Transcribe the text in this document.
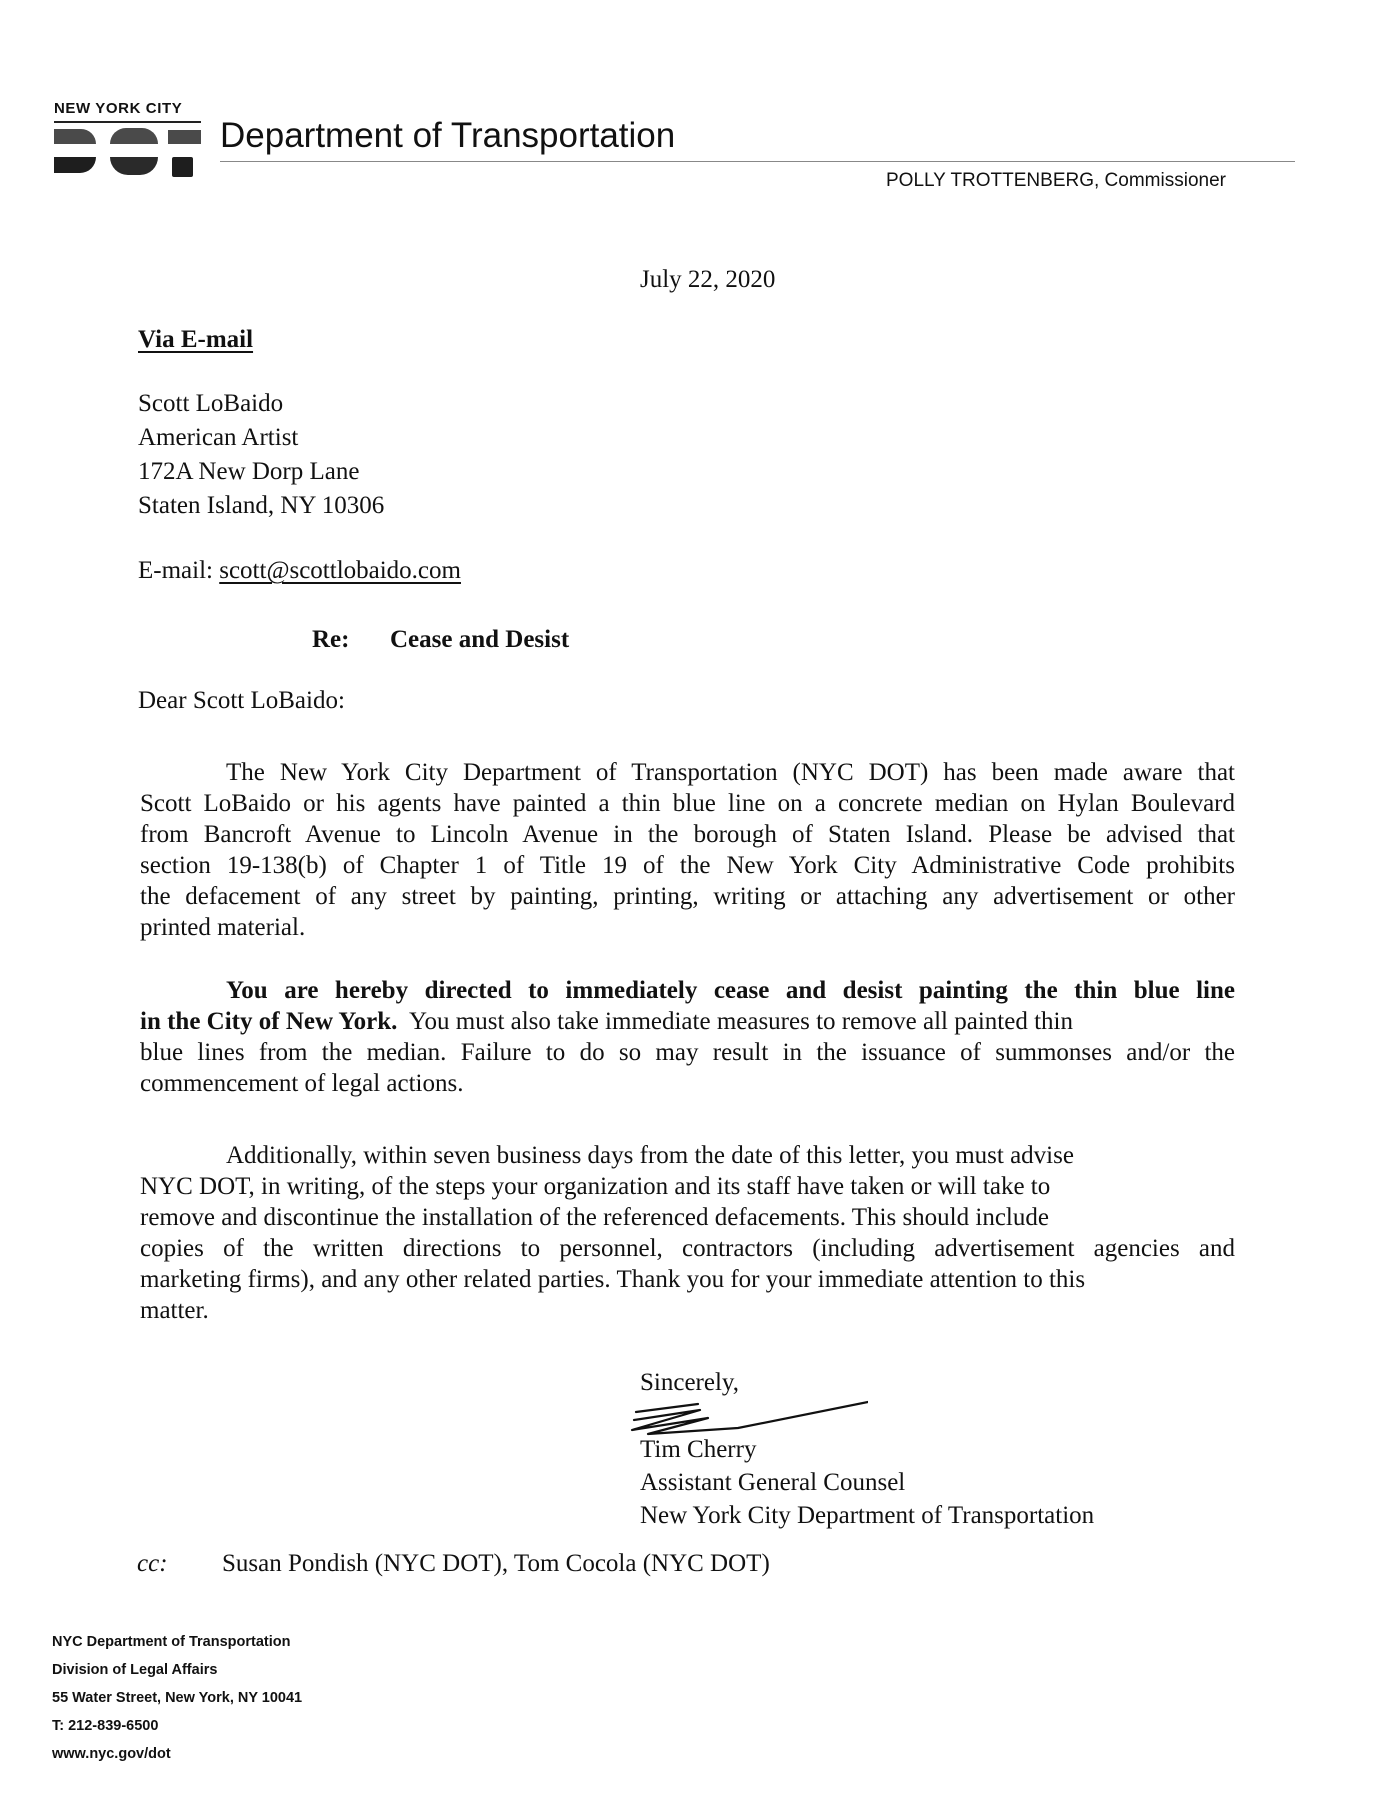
NEW YORK CITY
Department of Transportation
POLLY TROTTENBERG, Commissioner
July 22, 2020
Via E-mail
Scott LoBaido
American Artist
172A New Dorp Lane
Staten Island, NY 10306
E-mail: scott@scottlobaido.com
Re: Cease and Desist
Dear Scott LoBaido:
The New York City Department of Transportation (NYC DOT) has been made aware that
Scott LoBaido or his agents have painted a thin blue line on a concrete median on Hylan Boulevard
from Bancroft Avenue to Lincoln Avenue in the borough of Staten Island. Please be advised that
section 19-138(b) of Chapter 1 of Title 19 of the New York City Administrative Code prohibits
the defacement of any street by painting, printing, writing or attaching any advertisement or other
printed material.
You are hereby directed to immediately cease and desist painting the thin blue line
in the City of New York. You must also take immediate measures to remove all painted thin
blue lines from the median. Failure to do so may result in the issuance of summonses and/or the
commencement of legal actions.
Additionally, within seven business days from the date of this letter, you must advise
NYC DOT, in writing, of the steps your organization and its staff have taken or will take to
remove and discontinue the installation of the referenced defacements. This should include
copies of the written directions to personnel, contractors (including advertisement agencies and
marketing firms), and any other related parties. Thank you for your immediate attention to this
matter.
Sincerely,
Tim Cherry
Assistant General Counsel
New York City Department of Transportation
cc: Susan Pondish (NYC DOT), Tom Cocola (NYC DOT)
NYC Department of Transportation
Division of Legal Affairs
55 Water Street, New York, NY 10041
T: 212-839-6500
www.nyc.gov/dot
